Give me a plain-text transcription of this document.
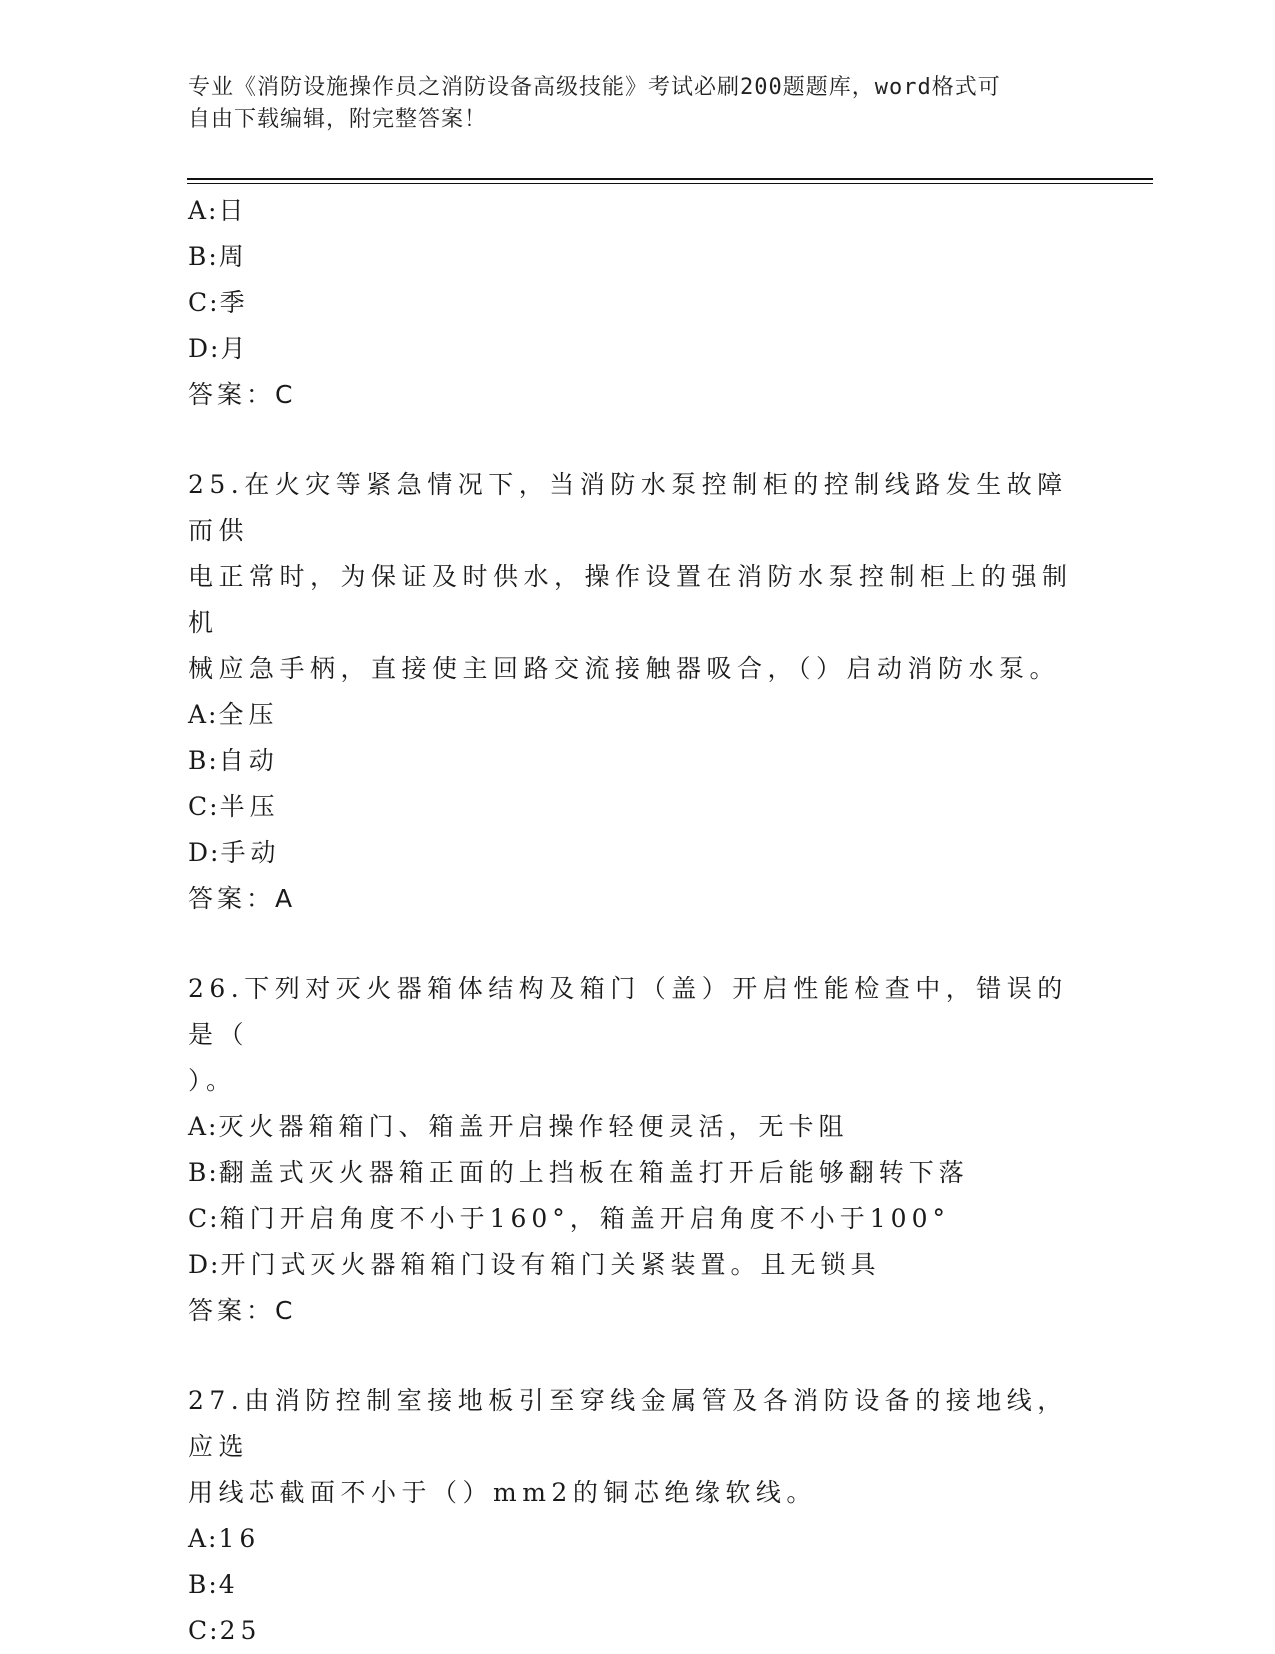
专业《消防设施操作员之消防设备高级技能》考试必刷200题题库，word格式可
自由下载编辑，附完整答案！
A:日
B:周
C:季
D:月
答案：C
25.在火灾等紧急情况下，当消防水泵控制柜的控制线路发生故障而供
电正常时，为保证及时供水，操作设置在消防水泵控制柜上的强制机
械应急手柄，直接使主回路交流接触器吸合，（）启动消防水泵。
A:全压
B:自动
C:半压
D:手动
答案：A
26.下列对灭火器箱体结构及箱门（盖）开启性能检查中，错误的是（
）。
A:灭火器箱箱门、箱盖开启操作轻便灵活，无卡阻
B:翻盖式灭火器箱正面的上挡板在箱盖打开后能够翻转下落
C:箱门开启角度不小于160°，箱盖开启角度不小于100°
D:开门式灭火器箱箱门设有箱门关紧装置。且无锁具
答案：C
27.由消防控制室接地板引至穿线金属管及各消防设备的接地线，应选
用线芯截面不小于（）mm2的铜芯绝缘软线。
A:16
B:4
C:25
